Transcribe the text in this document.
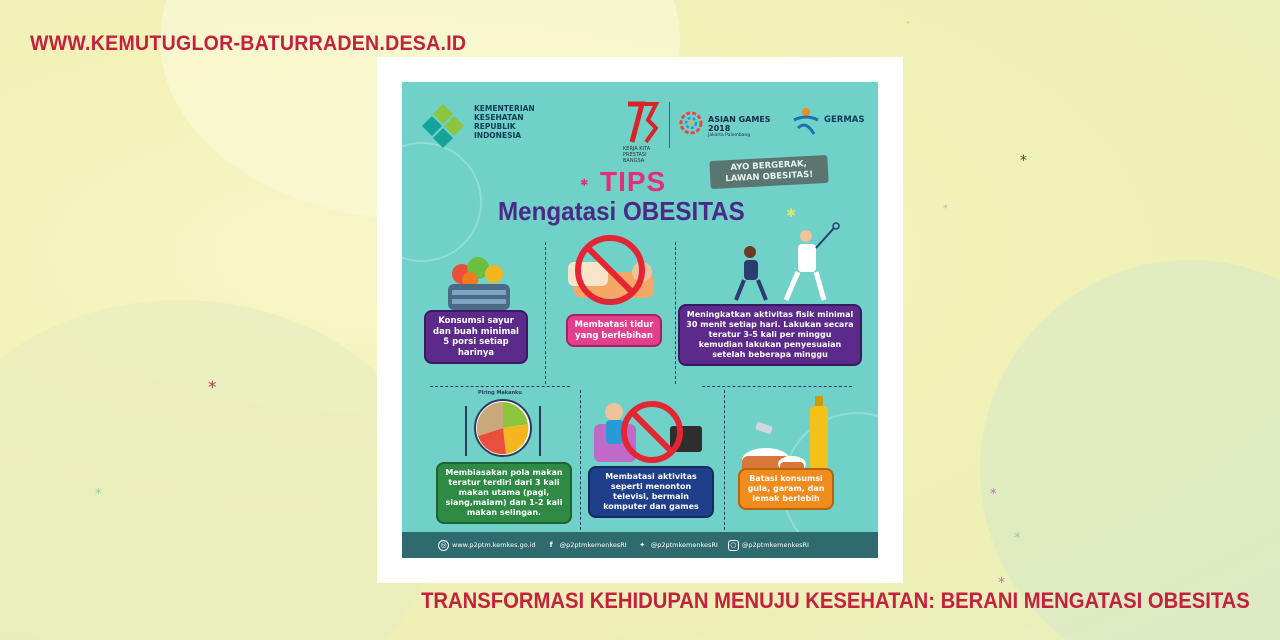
*
*
*	*
*
*
*
•
WWW.KEMUTUGLOR-BATURRADEN.DESA.ID
KEMENTERIAN
KESEHATAN
REPUBLIK
INDONESIA
KERJA KITA PRESTASI BANGSA
ASIAN GAMES
2018
Jakarta Palembang
GERMAS
AYO BERGERAK,
LAWAN OBESITAS!
TIPS
Mengatasi OBESITAS	✱
✱
Piring Makanku
Konsumsi sayur dan buah minimal 5 porsi setiap harinya
Membatasi tidur yang berlebihan
Meningkatkan aktivitas fisik minimal 30 menit setiap hari. Lakukan secara teratur 3-5 kali per minggu kemudian lakukan penyesuaian setelah beberapa minggu
Membiasakan pola makan teratur terdiri dari 3 kali makan utama (pagi, siang,malam) dan 1-2 kali makan selingan.
Membatasi aktivitas seperti menonton televisi, bermain komputer dan games
Batasi konsumsi gula, garam, dan lemak berlebih
◎ www.p2ptm.kemkes.go.id	f	@p2ptmkemenkesRI	✦ @p2ptmkemenkesRI	○ @p2ptmkemenkesRI
TRANSFORMASI KEHIDUPAN MENUJU KESEHATAN: BERANI MENGATASI OBESITAS
